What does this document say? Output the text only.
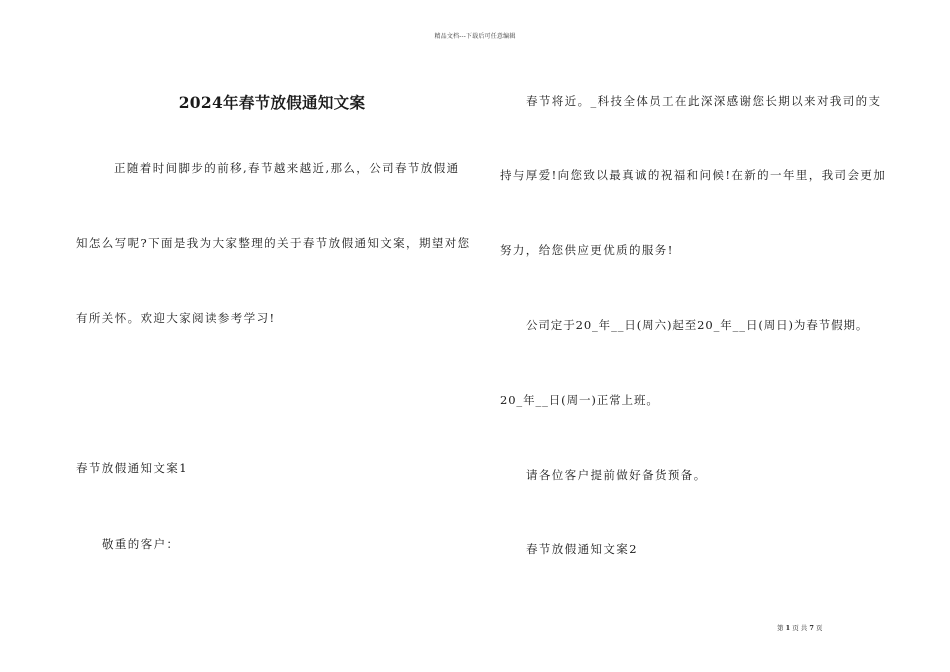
精品文档---下载后可任意编辑
2024年春节放假通知文案
正随着时间脚步的前移,春节越来越近,那么，公司春节放假通
知怎么写呢?下面是我为大家整理的关于春节放假通知文案，期望对您
有所关怀。欢迎大家阅读参考学习!
春节放假通知文案1
敬重的客户：
春节将近。_科技全体员工在此深深感谢您长期以来对我司的支
持与厚爱!向您致以最真诚的祝福和问候!在新的一年里，我司会更加
努力，给您供应更优质的服务!
公司定于20_年__日(周六)起至20_年__日(周日)为春节假期。
20_年__日(周一)正常上班。
请各位客户提前做好备货预备。
春节放假通知文案2
第 1 页 共 7 页
